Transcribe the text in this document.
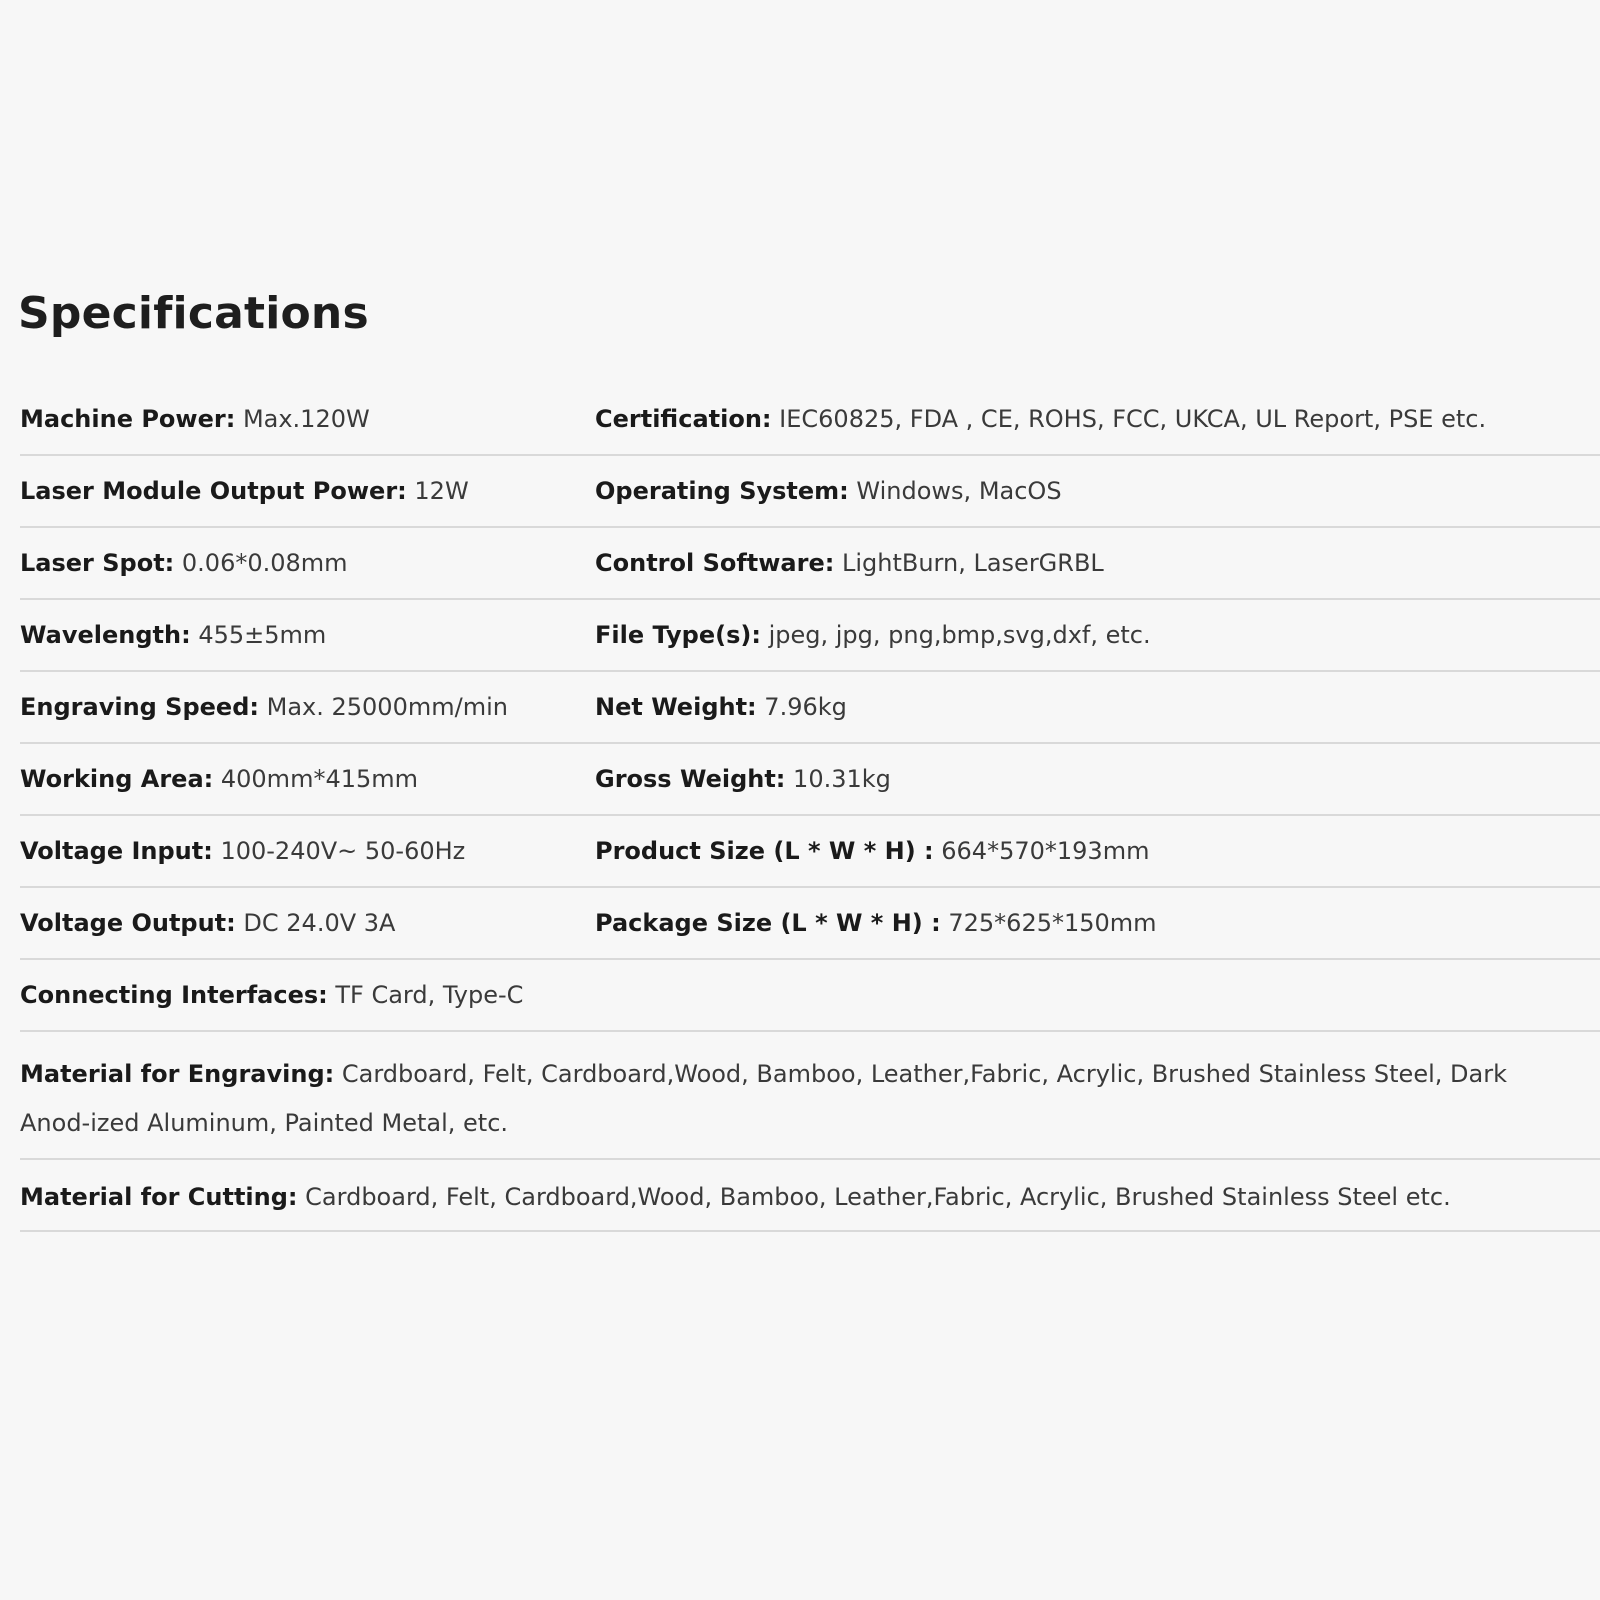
Specifications
Machine Power: Max.120W	Certification: IEC60825, FDA , CE, ROHS, FCC, UKCA, UL Report, PSE etc.
Laser Module Output Power: 12W	Operating System: Windows, MacOS
Laser Spot: 0.06*0.08mm	Control Software: LightBurn, LaserGRBL
Wavelength: 455±5mm	File Type(s): jpeg, jpg, png,bmp,svg,dxf, etc.
Engraving Speed: Max. 25000mm/min	Net Weight: 7.96kg
Working Area: 400mm*415mm	Gross Weight: 10.31kg
Voltage Input: 100-240V~ 50-60Hz	Product Size (L * W * H) : 664*570*193mm
Voltage Output: DC 24.0V 3A	Package Size (L * W * H) : 725*625*150mm
Connecting Interfaces: TF Card, Type-C
Material for Engraving: Cardboard, Felt, Cardboard,Wood, Bamboo, Leather,Fabric, Acrylic, Brushed Stainless Steel, Dark Anod-ized Aluminum, Painted Metal, etc.
Material for Cutting: Cardboard, Felt, Cardboard,Wood, Bamboo, Leather,Fabric, Acrylic, Brushed Stainless Steel etc.
